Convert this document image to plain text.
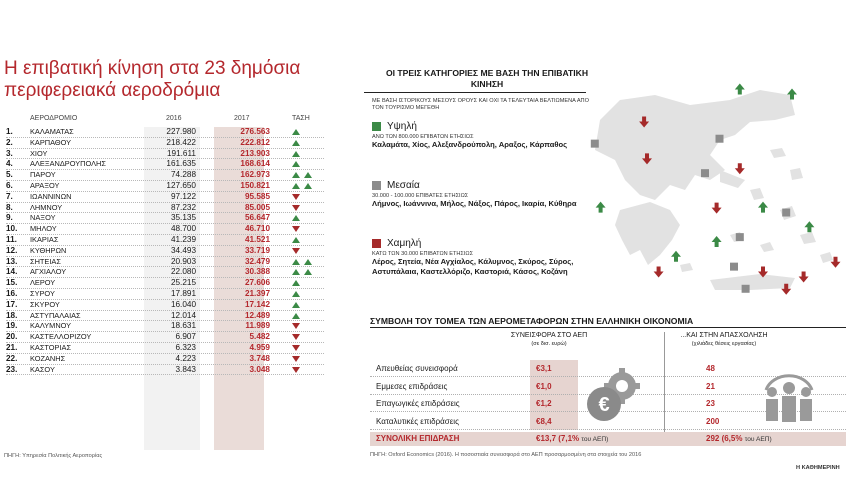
Η επιβατική κίνηση στα 23 δημόσια περιφερειακά αεροδρόμια
ΑΕΡΟΔΡΟΜΙΟ	2016	2017	ΤΑΣΗ
1.	ΚΑΛΑΜΑΤΑΣ	227.980	276.563
2.	ΚΑΡΠΑΘΟΥ	218.422	222.812
3.	ΧΙΟΥ	191.611	213.903
4.	ΑΛΕΞΑΝΔΡΟΥΠΟΛΗΣ	161.635	168.614
5.	ΠΑΡΟΥ	74.288	162.973
6.	ΑΡΑΞΟΥ	127.650	150.821
7.	ΙΩΑΝΝΙΝΩΝ	97.122	95.585
8.	ΛΗΜΝΟΥ	87.232	85.005
9.	ΝΑΞΟΥ	35.135	56.647
10.	ΜΗΛΟΥ	48.700	46.710
11.	ΙΚΑΡΙΑΣ	41.239	41.521
12.	ΚΥΘΗΡΩΝ	34.493	33.719
13.	ΣΗΤΕΙΑΣ	20.903	32.479
14.	ΑΓΧΙΑΛΟΥ	22.080	30.388
15.	ΛΕΡΟΥ	25.215	27.606
16.	ΣΥΡΟΥ	17.891	21.397
17.	ΣΚΥΡΟΥ	16.040	17.142
18.	ΑΣΤΥΠΑΛΑΙΑΣ	12.014	12.489
19.	ΚΑΛΥΜΝΟΥ	18.631	11.989
20.	ΚΑΣΤΕΛΛΟΡΙΖΟΥ	6.907	5.482
21.	ΚΑΣΤΟΡΙΑΣ	6.323	4.959
22.	ΚΟΖΑΝΗΣ	4.223	3.748
23.	ΚΑΣΟΥ	3.843	3.048
ΠΗΓΗ: Υπηρεσία Πολιτικής Αεροπορίας
ΟΙ ΤΡΕΙΣ ΚΑΤΗΓΟΡΙΕΣ ΜΕ ΒΑΣΗ ΤΗΝ ΕΠΙΒΑΤΙΚΗ ΚΙΝΗΣΗ
ΜΕ ΒΑΣΗ ΙΣΤΟΡΙΚΟΥΣ ΜΕΣΟΥΣ ΟΡΟΥΣ ΚΑΙ ΟΧΙ ΤΑ ΤΕΛΕΥΤΑΙΑ ΒΕΛΤΙΩΜΕΝΑ ΑΠΟ ΤΟΝ ΤΟΥΡΙΣΜΟ ΜΕΓΕΘΗ
Υψηλή
ΑΝΩ ΤΩΝ 800.000 ΕΠΙΒΑΤΩΝ ΕΤΗΣΙΩΣ
Καλαμάτα, Χίος, Αλεξανδρούπολη, Αραξος, Κάρπαθος
Μεσαία
30.000 - 100.000 ΕΠΙΒΑΤΕΣ ΕΤΗΣΙΩΣ
Λήμνος, Ιωάννινα, Μήλος, Νάξος, Πάρος, Ικαρία, Κύθηρα
Χαμηλή
ΚΑΤΩ ΤΩΝ 30.000 ΕΠΙΒΑΤΩΝ ΕΤΗΣΙΩΣ
Λέρος, Σητεία, Νέα Αγχίαλος, Κάλυμνος, Σκύρος, Σύρος, Αστυπάλαια, Καστελλόριζο, Καστοριά, Κάσος, Κοζάνη
ΣΥΜΒΟΛΗ ΤΟΥ ΤΟΜΕΑ ΤΩΝ ΑΕΡΟΜΕΤΑΦΟΡΩΝ ΣΤΗΝ ΕΛΛΗΝΙΚΗ ΟΙΚΟΝΟΜΙΑ
ΣΥΝΕΙΣΦΟΡΑ ΣΤΟ ΑΕΠ
(σε δισ. ευρώ)
...ΚΑΙ ΣΤΗΝ ΑΠΑΣΧΟΛΗΣΗ
(χιλιάδες θέσεις εργασίας)
Απευθείας συνεισφορά	€3,1	48
Εμμεσες επιδράσεις	€1,0	21
Επαγωγικές επιδράσεις	€1,2	23
Καταλυτικές επιδράσεις	€8,4	200
ΣΥΝΟΛΙΚΗ ΕΠΙΔΡΑΣΗ	€13,7 (7,1% του ΑΕΠ)	292 (6,5% του ΑΕΠ)
€
ΠΗΓΗ: Oxford Economics (2016). Η ποσοστιαία συνεισφορά στο ΑΕΠ προσαρμοσμένη στα στοιχεία του 2016
Η ΚΑΘΗΜΕΡΙΝΗ
